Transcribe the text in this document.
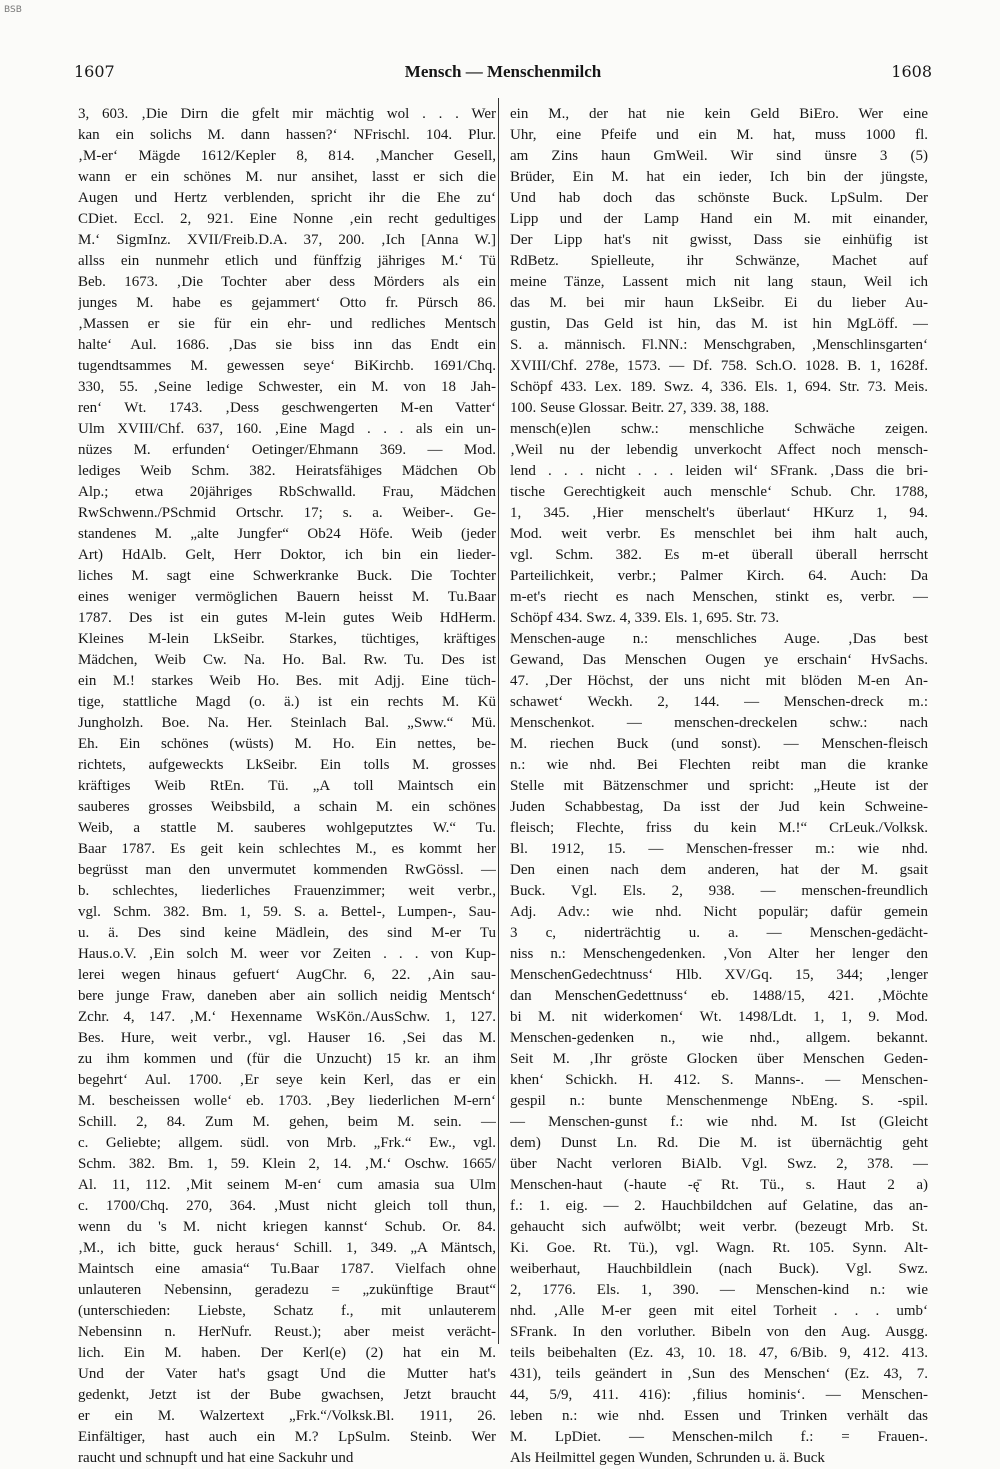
BSB
1607	Mensch — Menschenmilch	1608
3, 603. ‚Die Dirn die gfelt mir mächtig wol . . . Wer
kan ein solichs M. dann hassen?‘ NFrischl. 104. Plur.
‚M-er‘ Mägde 1612/Kepler 8, 814. ‚Mancher Gesell,
wann er ein schönes M. nur ansihet, lasst er sich die
Augen und Hertz verblenden, spricht ihr die Ehe zu‘
CDiet. Eccl. 2, 921. Eine Nonne ‚ein recht gedultiges
M.‘ SigmInz. XVII/Freib.D.A. 37, 200. ‚Ich [Anna W.]
allss ein nunmehr etlich und fünffzig jähriges M.‘ Tü
Beb. 1673. ‚Die Tochter aber dess Mörders als ein
junges M. habe es gejammert‘ Otto fr. Pürsch 86.
‚Massen er sie für ein ehr- und redliches Mentsch
halte‘ Aul. 1686. ‚Das sie biss inn das Endt ein
tugendtsammes M. gewessen seye‘ BiKirchb. 1691/Chq.
330, 55. ‚Seine ledige Schwester, ein M. von 18 Jah-
ren‘ Wt. 1743. ‚Dess geschwengerten M-en Vatter‘
Ulm XVIII/Chf. 637, 160. ‚Eine Magd . . . als ein un-
nüzes M. erfunden‘ Oetinger/Ehmann 369. — Mod.
lediges Weib Schm. 382. Heiratsfähiges Mädchen Ob
Alp.; etwa 20jähriges RbSchwalld. Frau, Mädchen
RwSchwenn./PSchmid Ortschr. 17; s. a. Weiber-. Ge-
standenes M. „alte Jungfer“ Ob24 Höfe. Weib (jeder
Art) HdAlb. Gelt, Herr Doktor, ich bin ein lieder-
liches M. sagt eine Schwerkranke Buck. Die Tochter
eines weniger vermöglichen Bauern heisst M. Tu.Baar
1787. Des ist ein gutes M-lein gutes Weib HdHerm.
Kleines M-lein LkSeibr. Starkes, tüchtiges, kräftiges
Mädchen, Weib Cw. Na. Ho. Bal. Rw. Tu. Des ist
ein M.! starkes Weib Ho. Bes. mit Adjj. Eine tüch-
tige, stattliche Magd (o. ä.) ist ein rechts M. Kü
Jungholzh. Boe. Na. Her. Steinlach Bal. „Sww.“ Mü.
Eh. Ein schönes (wüsts) M. Ho. Ein nettes, be-
richtets, aufgeweckts LkSeibr. Ein tolls M. grosses
kräftiges Weib RtEn. Tü. „A toll Maintsch ein
sauberes grosses Weibsbild, a schain M. ein schönes
Weib, a stattle M. sauberes wohlgeputztes W.“ Tu.
Baar 1787. Es geit kein schlechtes M., es kommt her
begrüsst man den unvermutet kommenden RwGössl. —
b. schlechtes, liederliches Frauenzimmer; weit verbr.,
vgl. Schm. 382. Bm. 1, 59. S. a. Bettel-, Lumpen-, Sau-
u. ä. Des sind keine Mädlein, des sind M-er Tu
Haus.o.V. ‚Ein solch M. weer vor Zeiten . . . von Kup-
lerei wegen hinaus gefuert‘ AugChr. 6, 22. ‚Ain sau-
bere junge Fraw, daneben aber ain sollich neidig Mentsch‘
Zchr. 4, 147. ‚M.‘ Hexenname WsKön./AusSchw. 1, 127.
Bes. Hure, weit verbr., vgl. Hauser 16. ‚Sei das M.
zu ihm kommen und (für die Unzucht) 15 kr. an ihm
begehrt‘ Aul. 1700. ‚Er seye kein Kerl, das er ein
M. bescheissen wolle‘ eb. 1703. ‚Bey liederlichen M-ern‘
Schill. 2, 84. Zum M. gehen, beim M. sein. —
c. Geliebte; allgem. südl. von Mrb. „Frk.“ Ew., vgl.
Schm. 382. Bm. 1, 59. Klein 2, 14. ‚M.‘ Oschw. 1665/
Al. 11, 112. ‚Mit seinem M-en‘ cum amasia sua Ulm
c. 1700/Chq. 270, 364. ‚Must nicht gleich toll thun,
wenn du 's M. nicht kriegen kannst‘ Schub. Or. 84.
‚M., ich bitte, guck heraus‘ Schill. 1, 349. „A Mäntsch,
Maintsch eine amasia“ Tu.Baar 1787. Vielfach ohne
unlauteren Nebensinn, geradezu = „zukünftige Braut“
(unterschieden: Liebste, Schatz f., mit unlauterem
Nebensinn n. HerNufr. Reust.); aber meist verächt-
lich. Ein M. haben. Der Kerl(e) (2) hat ein M.
Und der Vater hat's gsagt Und die Mutter hat's
gedenkt, Jetzt ist der Bube gwachsen, Jetzt braucht
er ein M. Walzertext „Frk.“/Volksk.Bl. 1911, 26.
Einfältiger, hast auch ein M.? LpSulm. Steinb. Wer
raucht und schnupft und hat eine Sackuhr und
ein M., der hat nie kein Geld BiEro. Wer eine
Uhr, eine Pfeife und ein M. hat, muss 1000 fl.
am Zins haun GmWeil. Wir sind ünsre 3 (5)
Brüder, Ein M. hat ein ieder, Ich bin der jüngste,
Und hab doch das schönste Buck. LpSulm. Der
Lipp und der Lamp Hand ein M. mit einander,
Der Lipp hat's nit gwisst, Dass sie einhüfig ist
RdBetz. Spielleute, ihr Schwänze, Machet auf
meine Tänze, Lassent mich nit lang staun, Weil ich
das M. bei mir haun LkSeibr. Ei du lieber Au-
gustin, Das Geld ist hin, das M. ist hin MgLöff. —
S. a. männisch. Fl.NN.: Menschgraben, ‚Menschlinsgarten‘
XVIII/Chf. 278e, 1573. — Df. 758. Sch.O. 1028. B. 1, 1628f.
Schöpf 433. Lex. 189. Swz. 4, 336. Els. 1, 694. Str. 73. Meis.
100. Seuse Glossar. Beitr. 27, 339. 38, 188.
mensch(e)len schw.: menschliche Schwäche zeigen.
‚Weil nu der lebendig unverkocht Affect noch mensch-
lend . . . nicht . . . leiden wil‘ SFrank. ‚Dass die bri-
tische Gerechtigkeit auch menschle‘ Schub. Chr. 1788,
1, 345. ‚Hier menschelt's überlaut‘ HKurz 1, 94.
Mod. weit verbr. Es menschlet bei ihm halt auch,
vgl. Schm. 382. Es m-et überall überall herrscht
Parteilichkeit, verbr.; Palmer Kirch. 64. Auch: Da
m-et's riecht es nach Menschen, stinkt es, verbr. —
Schöpf 434. Swz. 4, 339. Els. 1, 695. Str. 73.
Menschen-auge n.: menschliches Auge. ‚Das best
Gewand, Das Menschen Ougen ye erschain‘ HvSachs.
47. ‚Der Höchst, der uns nicht mit blöden M-en An-
schawet‘ Weckh. 2, 144. — Menschen-dreck m.:
Menschenkot. — menschen-dreckelen schw.: nach
M. riechen Buck (und sonst). — Menschen-fleisch
n.: wie nhd. Bei Flechten reibt man die kranke
Stelle mit Bätzenschmer und spricht: „Heute ist der
Juden Schabbestag, Da isst der Jud kein Schweine-
fleisch; Flechte, friss du kein M.!“ CrLeuk./Volksk.
Bl. 1912, 15. — Menschen-fresser m.: wie nhd.
Den einen nach dem anderen, hat der M. gsait
Buck. Vgl. Els. 2, 938. — menschen-freundlich
Adj. Adv.: wie nhd. Nicht populär; dafür gemein
3 c, niderträchtig u. a. — Menschen-gedächt-
niss n.: Menschengedenken. ‚Von Alter her lenger den
MenschenGedechtnuss‘ Hlb. XV/Gq. 15, 344; ‚lenger
dan MenschenGedettnuss‘ eb. 1488/15, 421. ‚Möchte
bi M. nit widerkomen‘ Wt. 1498/Ldt. 1, 1, 9. Mod.
Menschen-gedenken n., wie nhd., allgem. bekannt.
Seit M. ‚Ihr gröste Glocken über Menschen Geden-
khen‘ Schickh. H. 412. S. Manns-. — Menschen-
gespil n.: bunte Menschenmenge NbEng. S. -spil.
— Menschen-gunst f.: wie nhd. M. Ist (Gleicht
dem) Dunst Ln. Rd. Die M. ist übernächtig geht
über Nacht verloren BiAlb. Vgl. Swz. 2, 378. —
Menschen-haut (-haute -ę̄ Rt. Tü., s. Haut 2 a)
f.: 1. eig. — 2. Hauchbildchen auf Gelatine, das an-
gehaucht sich aufwölbt; weit verbr. (bezeugt Mrb. St.
Ki. Goe. Rt. Tü.), vgl. Wagn. Rt. 105. Synn. Alt-
weiberhaut, Hauchbildlein (nach Buck). Vgl. Swz.
2, 1776. Els. 1, 390. — Menschen-kind n.: wie
nhd. ‚Alle M-er geen mit eitel Torheit . . . umb‘
SFrank. In den vorluther. Bibeln von den Aug. Ausgg.
teils beibehalten (Ez. 43, 10. 18. 47, 6/Bib. 9, 412. 413.
431), teils geändert in ‚Sun des Menschen‘ (Ez. 43, 7.
44, 5/9, 411. 416): ‚filius hominis‘. — Menschen-
leben n.: wie nhd. Essen und Trinken verhält das
M. LpDiet. — Menschen-milch f.: = Frauen-.
Als Heilmittel gegen Wunden, Schrunden u. ä. Buck
